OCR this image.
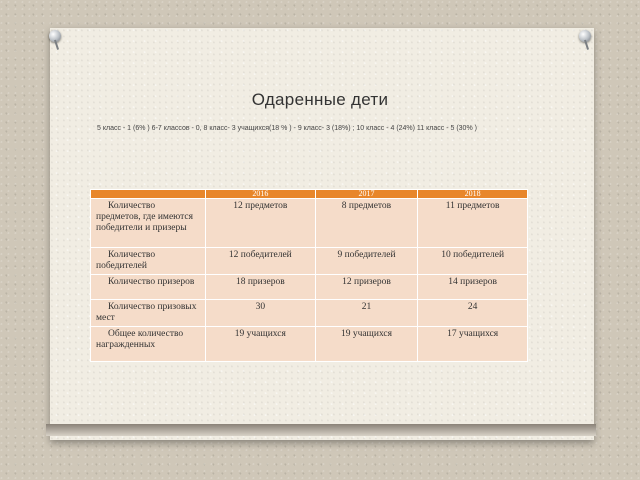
Одаренные дети
5 класс - 1 (6% ) 6-7 классов - 0, 8 класс- 3 учащихся(18 % ) - 9 класс- 3 (18%) ; 10 класс - 4 (24%) 11 класс - 5 (30% )
	2016	2017	2018
Количество предметов, где имеются победители и призеры	12 предметов	8 предметов	11 предметов
Количество победителей	12 победителей	9 победителей	10 победителей
Количество призеров	18 призеров	12 призеров	14 призеров
Количество призовых мест	30	21	24
Общее количество награжденных	19 учащихся	19 учащихся	17 учащихся
